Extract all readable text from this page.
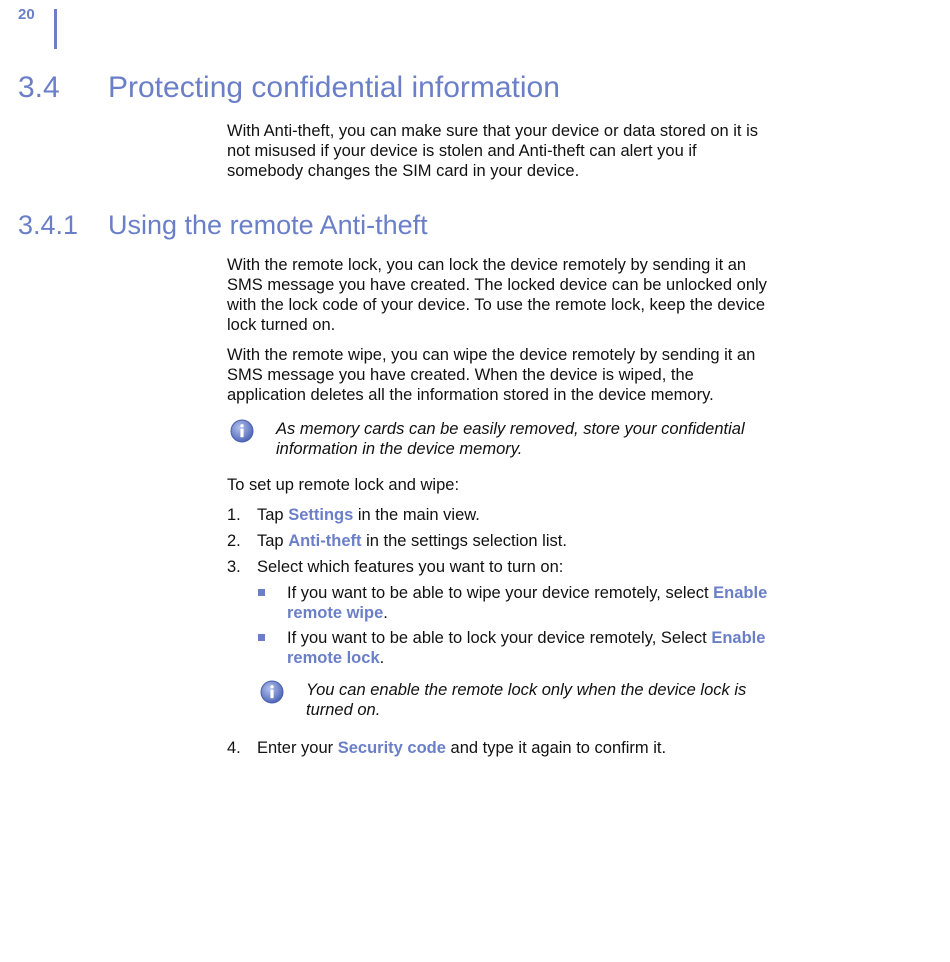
20
3.4 Protecting confidential information

With Anti-theft, you can make sure that your device or data stored on it is not misused if your device is stolen and Anti-theft can alert you if somebody changes the SIM card in your device.

3.4.1 Using the remote Anti-theft

With the remote lock, you can lock the device remotely by sending it an SMS message you have created. The locked device can be unlocked only with the lock code of your device. To use the remote lock, keep the device lock turned on.

With the remote wipe, you can wipe the device remotely by sending it an SMS message you have created. When the device is wiped, the application deletes all the information stored in the device memory.

As memory cards can be easily removed, store your confidential information in the device memory.

To set up remote lock and wipe:

1. Tap Settings in the main view.
2. Tap Anti-theft in the settings selection list.
3. Select which features you want to turn on:
If you want to be able to wipe your device remotely, select Enable remote wipe.
If you want to be able to lock your device remotely, Select Enable remote lock.

You can enable the remote lock only when the device lock is turned on.

4. Enter your Security code and type it again to confirm it.
